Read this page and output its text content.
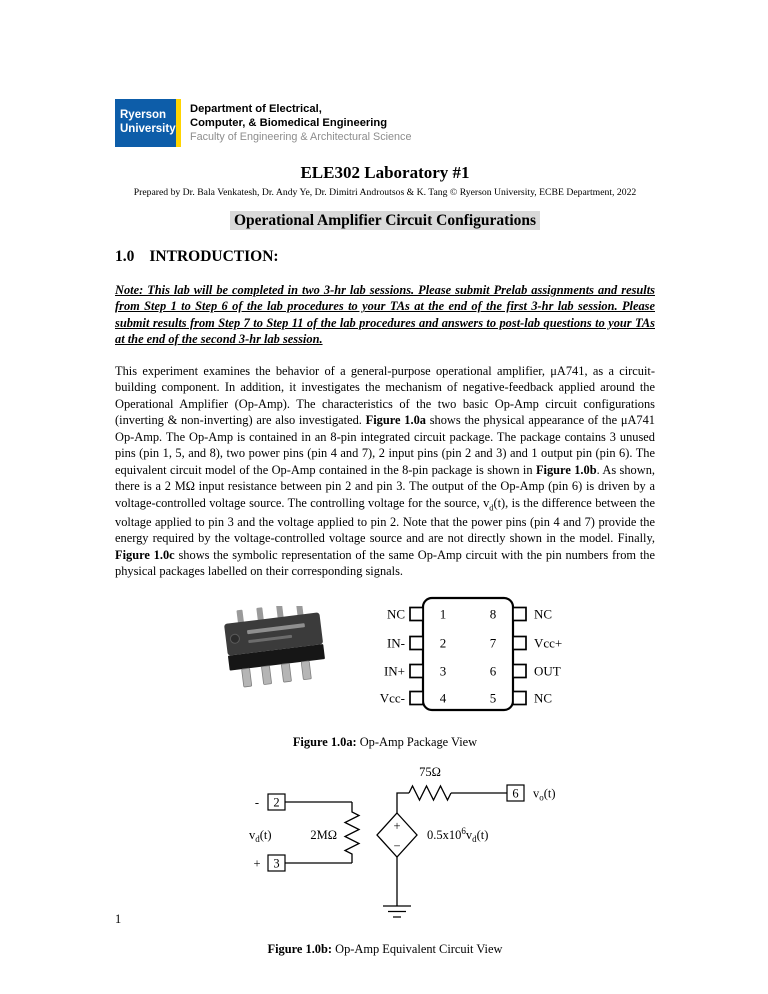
Ryerson
University
Department of Electrical,
Computer, & Biomedical Engineering
Faculty of Engineering & Architectural Science
ELE302 Laboratory #1
Prepared by Dr. Bala Venkatesh, Dr. Andy Ye, Dr. Dimitri Androutsos & K. Tang © Ryerson University, ECBE Department, 2022
Operational Amplifier Circuit Configurations
1.0 INTRODUCTION:

Note: This lab will be completed in two 3-hr lab sessions. Please submit Prelab assignments and results from Step 1 to Step 6 of the lab procedures to your TAs at the end of the first 3-hr lab session. Please submit results from Step 7 to Step 11 of the lab procedures and answers to post-lab questions to your TAs at the end of the second 3-hr lab session.

This experiment examines the behavior of a general-purpose operational amplifier, μA741, as a circuit-building component. In addition, it investigates the mechanism of negative-feedback applied around the Operational Amplifier (Op-Amp). The characteristics of the two basic Op-Amp circuit configurations (inverting & non-inverting) are also investigated. Figure 1.0a shows the physical appearance of the μA741 Op-Amp. The Op-Amp is contained in an 8-pin integrated circuit package. The package contains 3 unused pins (pin 1, 5, and 8), two power pins (pin 4 and 7), 2 input pins (pin 2 and 3) and 1 output pin (pin 6). The equivalent circuit model of the Op-Amp contained in the 8-pin package is shown in Figure 1.0b. As shown, there is a 2 MΩ input resistance between pin 2 and pin 3. The output of the Op-Amp (pin 6) is driven by a voltage-controlled voltage source. The controlling voltage for the source, $v_d(t)$, is the difference between the voltage applied to pin 3 and the voltage applied to pin 2. Note that the power pins (pin 4 and 7) provide the energy required by the voltage-controlled voltage source and are not directly shown in the model. Finally, Figure 1.0c shows the symbolic representation of the same Op-Amp circuit with the pin numbers from the physical packages labelled on their corresponding signals.

NC
IN-
IN+
Vcc-
1
2
3
4
8
7
6
5
NC
Vcc+
OUT
NC
Figure 1.0a: Op-Amp Package View
2
3
6
-
+
75Ω
+
−
2MΩ
$v_d(t)$	$0.5x10^6v_d(t)$
$v_o(t)$
Figure 1.0b: Op-Amp Equivalent Circuit View
1
